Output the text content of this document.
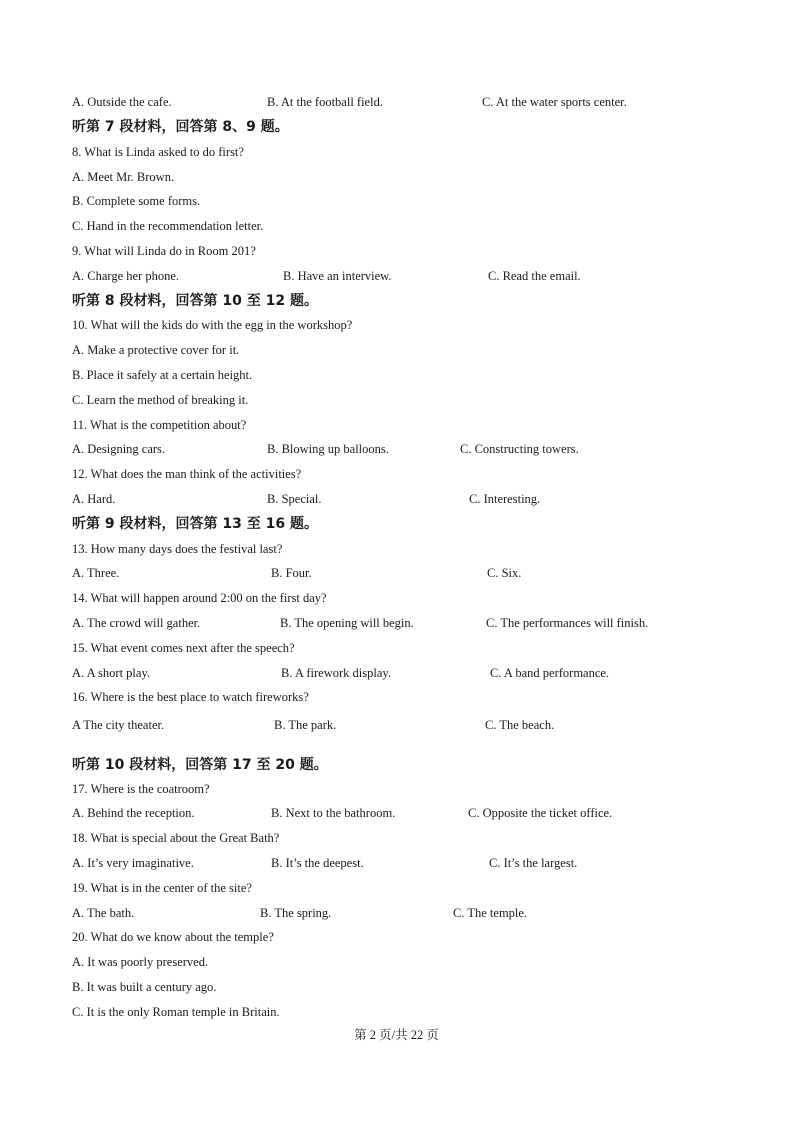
A. Outside the cafe.	B. At the football field.	C. At the water sports center.
听第 7 段材料，回答第 8、9 题。
8. What is Linda asked to do first?
A. Meet Mr. Brown.
B. Complete some forms.
C. Hand in the recommendation letter.
9. What will Linda do in Room 201?
A. Charge her phone.	B. Have an interview.	C. Read the email.
听第 8 段材料，回答第 10 至 12 题。
10. What will the kids do with the egg in the workshop?
A. Make a protective cover for it.
B. Place it safely at a certain height.
C. Learn the method of breaking it.
11. What is the competition about?
A. Designing cars.	B. Blowing up balloons.	C. Constructing towers.
12. What does the man think of the activities?
A. Hard.	B. Special.	C. Interesting.
听第 9 段材料，回答第 13 至 16 题。
13. How many days does the festival last?
A. Three.	B. Four.	C. Six.
14. What will happen around 2:00 on the first day?
A. The crowd will gather.	B. The opening will begin.	C. The performances will finish.
15. What event comes next after the speech?
A. A short play.	B. A firework display.	C. A band performance.
16. Where is the best place to watch fireworks?
A The city theater.	B. The park.	C. The beach.
听第 10 段材料，回答第 17 至 20 题。
17. Where is the coatroom?
A. Behind the reception.	B. Next to the bathroom.	C. Opposite the ticket office.
18. What is special about the Great Bath?
A. It’s very imaginative.	B. It’s the deepest.	C. It’s the largest.
19. What is in the center of the site?
A. The bath.	B. The spring.	C. The temple.
20. What do we know about the temple?
A. It was poorly preserved.
B. It was built a century ago.
C. It is the only Roman temple in Britain.
第 2 页/共 22 页
